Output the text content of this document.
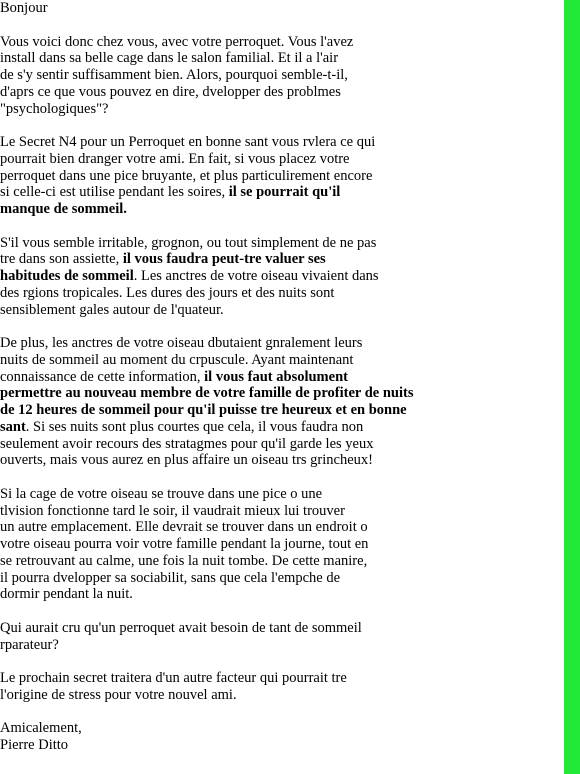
Bonjour
Vous voici donc chez vous, avec votre perroquet. Vous l'avez
install dans sa belle cage dans le salon familial. Et il a l'air
de s'y sentir suffisamment bien. Alors, pourquoi semble-t-il,
d'aprs ce que vous pouvez en dire, dvelopper des problmes
"psychologiques"?
Le Secret N4 pour un Perroquet en bonne sant vous rvlera ce qui
pourrait bien dranger votre ami. En fait, si vous placez votre
perroquet dans une pice bruyante, et plus particulirement encore
si celle-ci est utilise pendant les soires, il se pourrait qu'il
manque de sommeil.
S'il vous semble irritable, grognon, ou tout simplement de ne pas
tre dans son assiette, il vous faudra peut-tre valuer ses
habitudes de sommeil. Les anctres de votre oiseau vivaient dans
des rgions tropicales. Les dures des jours et des nuits sont
sensiblement gales autour de l'quateur.
De plus, les anctres de votre oiseau dbutaient gnralement leurs
nuits de sommeil au moment du crpuscule. Ayant maintenant
connaissance de cette information, il vous faut absolument
permettre au nouveau membre de votre famille de profiter de nuits
de 12 heures de sommeil pour qu'il puisse tre heureux et en bonne
sant. Si ses nuits sont plus courtes que cela, il vous faudra non
seulement avoir recours des stratagmes pour qu'il garde les yeux
ouverts, mais vous aurez en plus affaire un oiseau trs grincheux!
Si la cage de votre oiseau se trouve dans une pice o une
tlvision fonctionne tard le soir, il vaudrait mieux lui trouver
un autre emplacement. Elle devrait se trouver dans un endroit o
votre oiseau pourra voir votre famille pendant la journe, tout en
se retrouvant au calme, une fois la nuit tombe. De cette manire,
il pourra dvelopper sa sociabilit, sans que cela l'empche de
dormir pendant la nuit.
Qui aurait cru qu'un perroquet avait besoin de tant de sommeil
rparateur?
Le prochain secret traitera d'un autre facteur qui pourrait tre
l'origine de stress pour votre nouvel ami.
Amicalement,
Pierre Ditto
